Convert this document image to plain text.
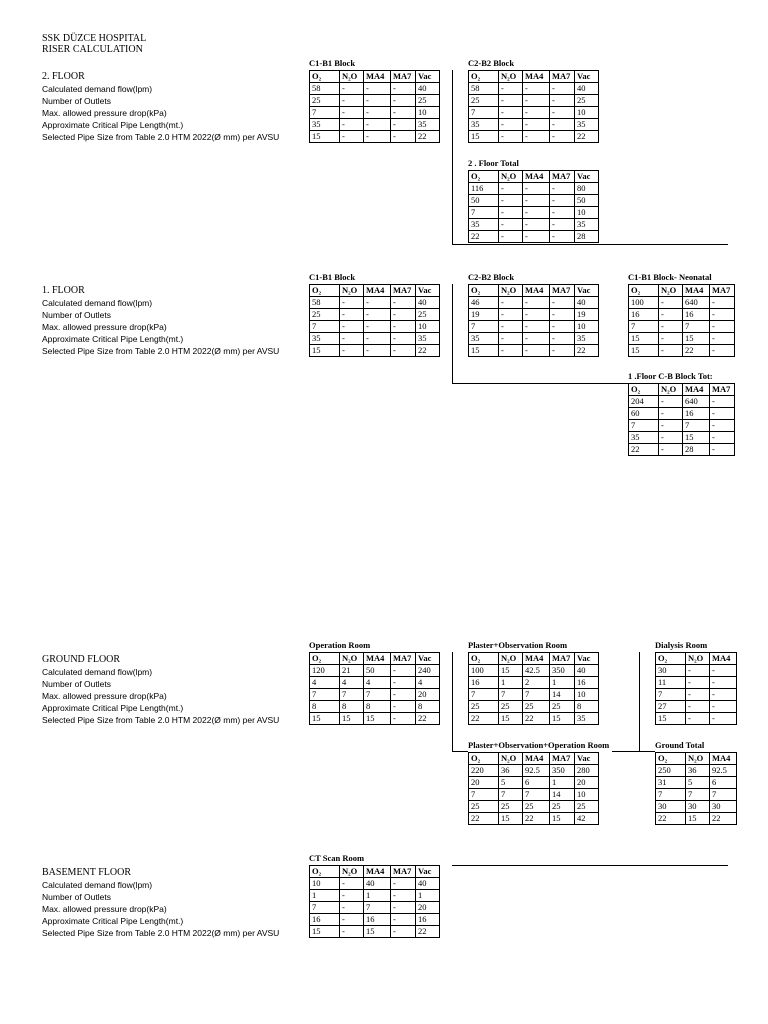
SSK DÜZCE HOSPITAL
RISER CALCULATION
2. FLOOR
Calculated demand flow(lpm)
Number of Outlets
Max. allowed pressure drop(kPa)
Approximate Critical Pipe Length(mt.)
Selected Pipe Size from Table 2.0 HTM 2022(Ø mm) per AVSU
C1-B1 Block
O₂	N₂O	MA4	MA7	Vac
58	-	-	-	40
25	-	-	-	25
7	-	-	-	10
35	-	-	-	35
15	-	-	-	22
C2-B2 Block
O₂	N₂O	MA4	MA7	Vac
58	-	-	-	40
25	-	-	-	25
7	-	-	-	10
35	-	-	-	35
15	-	-	-	22
2 . Floor Total
O₂	N₂O	MA4	MA7	Vac
116	-	-	-	80
50	-	-	-	50
7	-	-	-	10
35	-	-	-	35
22	-	-	-	28
1. FLOOR
Calculated demand flow(lpm)
Number of Outlets
Max. allowed pressure drop(kPa)
Approximate Critical Pipe Length(mt.)
Selected Pipe Size from Table 2.0 HTM 2022(Ø mm) per AVSU
C1-B1 Block
O₂	N₂O	MA4	MA7	Vac
58	-	-	-	40
25	-	-	-	25
7	-	-	-	10
35	-	-	-	35
15	-	-	-	22
C2-B2 Block
O₂	N₂O	MA4	MA7	Vac
46	-	-	-	40
19	-	-	-	19
7	-	-	-	10
35	-	-	-	35
15	-	-	-	22
C1-B1 Block- Neonatal
O₂	N₂O	MA4	MA7
100	-	640	-
16	-	16	-
7	-	7	-
15	-	15	-
15	-	22	-
1 .Floor C-B Block Tot:
O₂	N₂O	MA4	MA7
204	-	640	-
60	-	16	-
7	-	7	-
35	-	15	-
22	-	28	-
GROUND FLOOR
Calculated demand flow(lpm)
Number of Outlets
Max. allowed pressure drop(kPa)
Approximate Critical Pipe Length(mt.)
Selected Pipe Size from Table 2.0 HTM 2022(Ø mm) per AVSU
Operation Room
O₂	N₂O	MA4	MA7	Vac
120	21	50	-	240
4	4	4	-	4
7	7	7	-	20
8	8	8	-	8
15	15	15	-	22
Plaster+Observation Room
O₂	N₂O	MA4	MA7	Vac
100	15	42.5	350	40
16	1	2	1	16
7	7	7	14	10
25	25	25	25	8
22	15	22	15	35
Dialysis Room
O₂	N₂O	MA4
30	-	-
11	-	-
7	-	-
27	-	-
15	-	-
Plaster+Observation+Operation Room
O₂	N₂O	MA4	MA7	Vac
220	36	92.5	350	280
20	5	6	1	20
7	7	7	14	10
25	25	25	25	25
22	15	22	15	42
Ground Total
O₂	N₂O	MA4
250	36	92.5
31	5	6
7	7	7
30	30	30
22	15	22
BASEMENT FLOOR
Calculated demand flow(lpm)
Number of Outlets
Max. allowed pressure drop(kPa)
Approximate Critical Pipe Length(mt.)
Selected Pipe Size from Table 2.0 HTM 2022(Ø mm) per AVSU
CT Scan Room
O₂	N₂O	MA4	MA7	Vac
10	-	40	-	40
1	-	1	-	1
7	-	7	-	20
16	-	16	-	16
15	-	15	-	22
